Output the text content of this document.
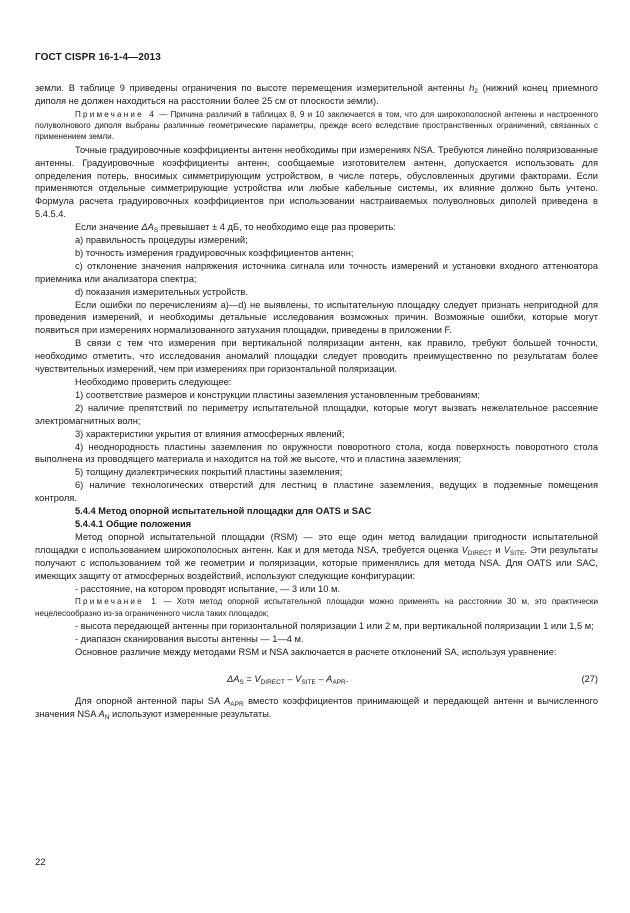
ГОСТ CISPR 16-1-4—2013

земли. В таблице 9 приведены ограничения по высоте перемещения измерительной антенны $h_2$ (нижний конец приемного диполя не должен находиться на расстоянии более 25 см от плоскости земли).

Примечание 4 — Причина различий в таблицах 8, 9 и 10 заключается в том, что для широкополосной антенны и настроенного полуволнового диполя выбраны различные геометрические параметры, прежде всего вследствие пространственных ограничений, связанных с применением земли.

Точные градуировочные коэффициенты антенн необходимы при измерениях NSA. Требуются линейно поляризованные антенны. Градуировочные коэффициенты антенн, сообщаемые изготовителем антенн, допускается использовать для определения потерь, вносимых симметрирующим устройством, в числе потерь, обусловленных другими факторами. Если применяются отдельные симметрирующие устройства или любые кабельные системы, их влияние должно быть учтено. Формула расчета градуировочных коэффициентов при использовании настраиваемых полуволновых диполей приведена в 5.4.5.4.

Если значение $\Delta A_S$ превышает ± 4 дБ, то необходимо еще раз проверить:

а) правильность процедуры измерений;

b) точность измерения градуировочных коэффициентов антенн;

c) отклонение значения напряжения источника сигнала или точность измерений и установки входного аттенюатора приемника или анализатора спектра;

d) показания измерительных устройств.

Если ошибки по перечислениям а)—d) не выявлены, то испытательную площадку следует признать непригодной для проведения измерений, и необходимы детальные исследования возможных причин. Возможные ошибки, которые могут появиться при измерениях нормализованного затухания площадки, приведены в приложении F.

В связи с тем что измерения при вертикальной поляризации антенн, как правило, требуют большей точности, необходимо отметить, что исследования аномалий площадки следует проводить преимущественно по результатам более чувствительных измерений, чем при измерениях при горизонтальной поляризации.

Необходимо проверить следующее:

1) соответствие размеров и конструкции пластины заземления установленным требованиям;

2) наличие препятствий по периметру испытательной площадки, которые могут вызвать нежелательное рассеяние электромагнитных волн;

3) характеристики укрытия от влияния атмосферных явлений;

4) неоднородность пластины заземления по окружности поворотного стола, когда поверхность поворотного стола выполнена из проводящего материала и находится на той же высоте, что и пластина заземления;

5) толщину диэлектрических покрытий пластины заземления;

6) наличие технологических отверстий для лестниц в пластине заземления, ведущих в подземные помещения контроля.

5.4.4 Метод опорной испытательной площадки для OATS и SAC

5.4.4.1 Общие положения

Метод опорной испытательной площадки (RSM) — это еще один метод валидации пригодности испытательной площадки с использованием широкополосных антенн. Как и для метода NSA, требуется оценка $V_{DIRECT}$ и $V_{SITE}$. Эти результаты получают с использованием той же геометрии и поляризации, которые применялись для метода NSA. Для OATS или SAC, имеющих защиту от атмосферных воздействий, используют следующие конфигурации:

- расстояние, на котором проводят испытание, — 3 или 10 м.

Примечание 1 — Хотя метод опорной испытательной площадки можно применять на расстоянии 30 м, это практически нецелесообразно из-за ограниченного числа таких площадок;

- высота передающей антенны при горизонтальной поляризации 1 или 2 м, при вертикальной поляризации 1 или 1,5 м;

- диапазон сканирования высоты антенны — 1—4 м.

Основное различие между методами RSM и NSA заключается в расчете отклонений SA, используя уравнение:

$\Delta A_S = V_{DIRECT} - V_{SITE} - A_{APR}$.	(27)

Для опорной антенной пары SA $A_{APR}$ вместо коэффициентов принимающей и передающей антенн и вычисленного значения NSA $A_N$ используют измеренные результаты.

22
